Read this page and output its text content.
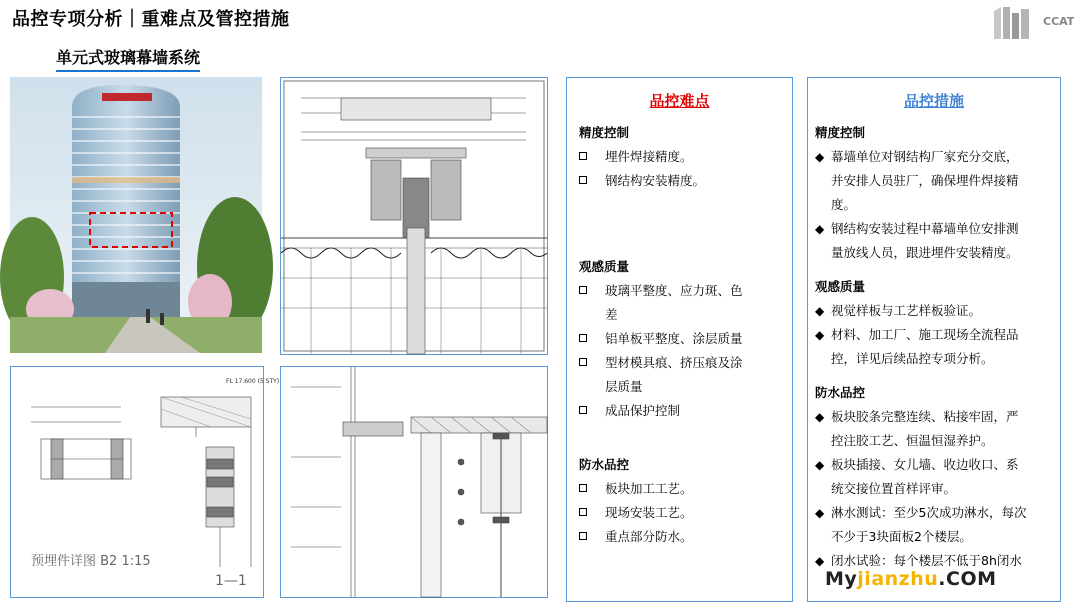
品控专项分析｜重难点及管控措施
单元式玻璃幕墙系统
CCAT
FL 17.600 (5 STY)
预埋件详图 B2 1:15
1—1
品控难点
精度控制
埋件焊接精度。
钢结构安装精度。
观感质量
玻璃平整度、应力斑、色
差
铝单板平整度、涂层质量
型材模具痕、挤压痕及涂
层质量
成品保护控制
防水品控
板块加工工艺。
现场安装工艺。
重点部分防水。
品控措施
精度控制
◆ 幕墙单位对钢结构厂家充分交底，
并安排人员驻厂，确保埋件焊接精
度。
◆ 钢结构安装过程中幕墙单位安排测
量放线人员，跟进埋件安装精度。
观感质量
◆ 视觉样板与工艺样板验证。
◆ 材料、加工厂、施工现场全流程品
控，详见后续品控专项分析。
防水品控
◆ 板块胶条完整连续、粘接牢固，严
控注胶工艺、恒温恒湿养护。
◆ 板块插接、女儿墙、收边收口、系
统交接位置首样评审。
◆ 淋水测试：至少5次成功淋水，每次
不少于3块面板2个楼层。
◆ 闭水试验：每个楼层不低于8h闭水
Myjianzhu.COM
